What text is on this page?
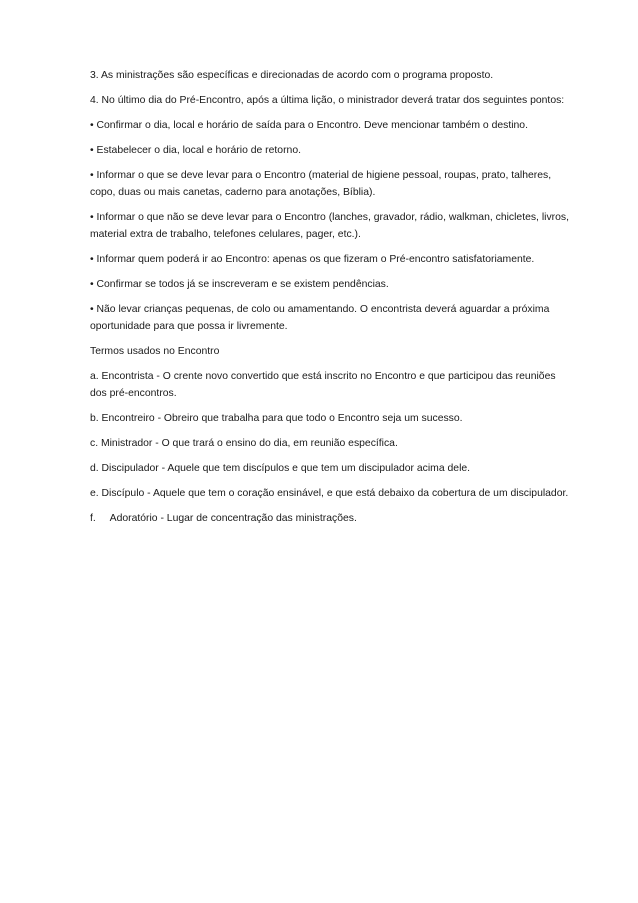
3. As ministrações são específicas e direcionadas de acordo com o programa proposto.

4. No último dia do Pré-Encontro, após a última lição, o ministrador deverá tratar dos seguintes pontos:

• Confirmar o dia, local e horário de saída para o Encontro. Deve mencionar também o destino.

• Estabelecer o dia, local e horário de retorno.

• Informar o que se deve levar para o Encontro (material de higiene pessoal, roupas, prato, talheres, copo, duas ou mais canetas, caderno para anotações, Bíblia).

• Informar o que não se deve levar para o Encontro (lanches, gravador, rádio, walkman, chicletes, livros, material extra de trabalho, telefones celulares, pager, etc.).

• Informar quem poderá ir ao Encontro: apenas os que fizeram o Pré-encontro satisfatoriamente.

• Confirmar se todos já se inscreveram e se existem pendências.

• Não levar crianças pequenas, de colo ou amamentando. O encontrista deverá aguardar a próxima oportunidade para que possa ir livremente.

Termos usados no Encontro

a. Encontrista - O crente novo convertido que está inscrito no Encontro e que participou das reuniões dos pré-encontros.

b. Encontreiro - Obreiro que trabalha para que todo o Encontro seja um sucesso.

c. Ministrador - O que trará o ensino do dia, em reunião específica.

d. Discipulador - Aquele que tem discípulos e que tem um discipulador acima dele.

e. Discípulo - Aquele que tem o coração ensinável, e que está debaixo da cobertura de um discipulador.

f.     Adoratório - Lugar de concentração das ministrações.
